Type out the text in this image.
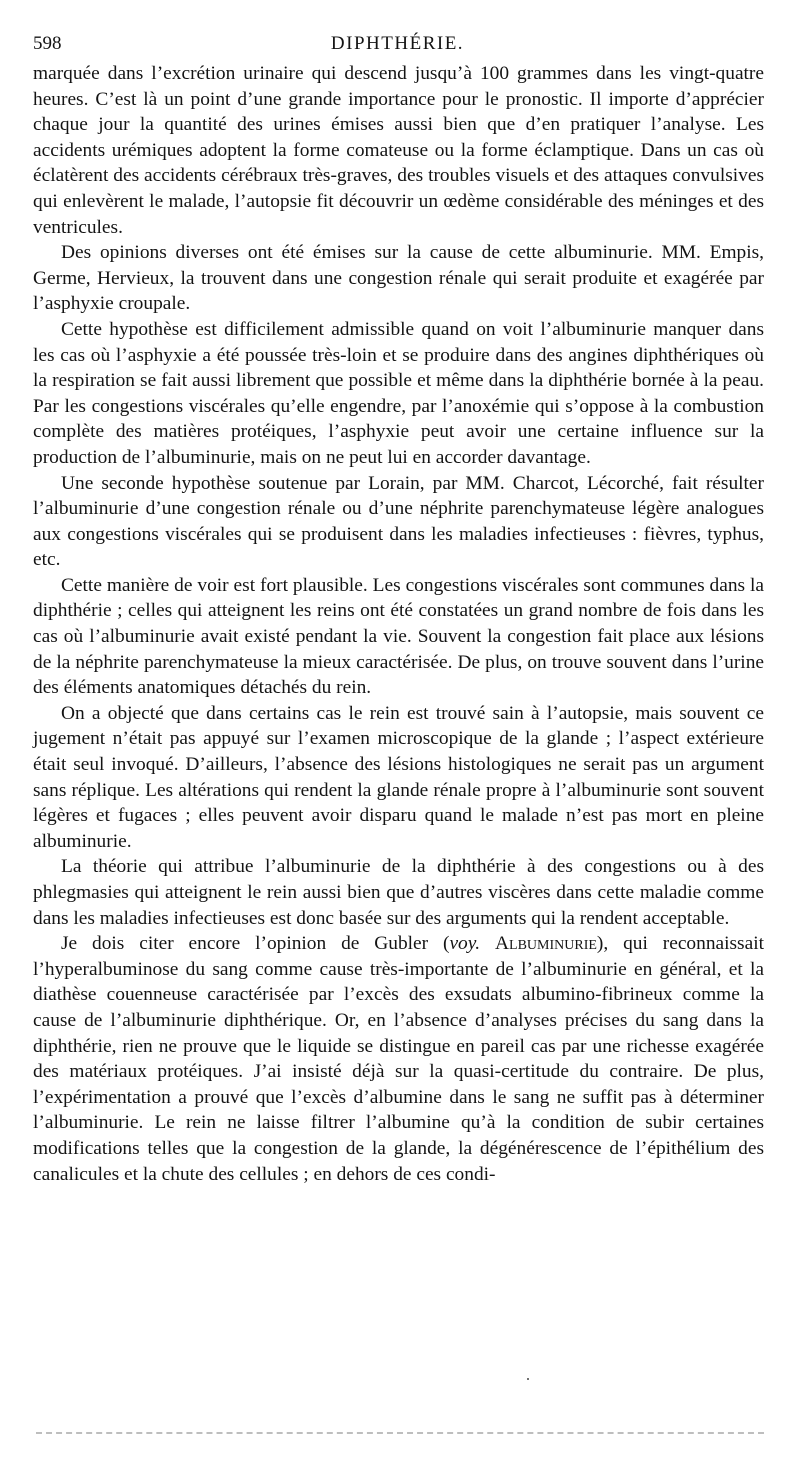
598	DIPHTHÉRIE.

marquée dans l’excrétion urinaire qui descend jusqu’à 100 grammes dans les vingt-quatre heures. C’est là un point d’une grande importance pour le pronostic. Il importe d’apprécier chaque jour la quantité des urines émises aussi bien que d’en pratiquer l’analyse. Les accidents urémiques adoptent la forme comateuse ou la forme éclamptique. Dans un cas où éclatèrent des accidents cérébraux très-graves, des troubles visuels et des attaques convulsives qui enlevèrent le malade, l’autopsie fit découvrir un œdème considérable des méninges et des ventricules.

Des opinions diverses ont été émises sur la cause de cette albuminurie. MM. Empis, Germe, Hervieux, la trouvent dans une congestion rénale qui serait produite et exagérée par l’asphyxie croupale.

Cette hypothèse est difficilement admissible quand on voit l’albuminurie manquer dans les cas où l’asphyxie a été poussée très-loin et se produire dans des angines diphthériques où la respiration se fait aussi librement que possible et même dans la diphthérie bornée à la peau. Par les congestions viscérales qu’elle engendre, par l’anoxémie qui s’oppose à la combustion complète des matières protéiques, l’asphyxie peut avoir une certaine influence sur la production de l’albuminurie, mais on ne peut lui en accorder davantage.

Une seconde hypothèse soutenue par Lorain, par MM. Charcot, Lécorché, fait résulter l’albuminurie d’une congestion rénale ou d’une néphrite parenchymateuse légère analogues aux congestions viscérales qui se produisent dans les maladies infectieuses : fièvres, typhus, etc.

Cette manière de voir est fort plausible. Les congestions viscérales sont communes dans la diphthérie ; celles qui atteignent les reins ont été constatées un grand nombre de fois dans les cas où l’albuminurie avait existé pendant la vie. Souvent la congestion fait place aux lésions de la néphrite parenchymateuse la mieux caractérisée. De plus, on trouve souvent dans l’urine des éléments anatomiques détachés du rein.

On a objecté que dans certains cas le rein est trouvé sain à l’autopsie, mais souvent ce jugement n’était pas appuyé sur l’examen microscopique de la glande ; l’aspect extérieure était seul invoqué. D’ailleurs, l’absence des lésions histologiques ne serait pas un argument sans réplique. Les altérations qui rendent la glande rénale propre à l’albuminurie sont souvent légères et fugaces ; elles peuvent avoir disparu quand le malade n’est pas mort en pleine albuminurie.

La théorie qui attribue l’albuminurie de la diphthérie à des congestions ou à des phlegmasies qui atteignent le rein aussi bien que d’autres viscères dans cette maladie comme dans les maladies infectieuses est donc basée sur des arguments qui la rendent acceptable.

Je dois citer encore l’opinion de Gubler (voy. Albuminurie), qui reconnaissait l’hyperalbuminose du sang comme cause très-importante de l’albuminurie en général, et la diathèse couenneuse caractérisée par l’excès des exsudats albumino-fibrineux comme la cause de l’albuminurie diphthérique. Or, en l’absence d’analyses précises du sang dans la diphthérie, rien ne prouve que le liquide se distingue en pareil cas par une richesse exagérée des matériaux protéiques. J’ai insisté déjà sur la quasi-certitude du contraire. De plus, l’expérimentation a prouvé que l’excès d’albumine dans le sang ne suffit pas à déterminer l’albuminurie. Le rein ne laisse filtrer l’albumine qu’à la condition de subir certaines modifications telles que la congestion de la glande, la dégénérescence de l’épithélium des canalicules et la chute des cellules ; en dehors de ces condi-
